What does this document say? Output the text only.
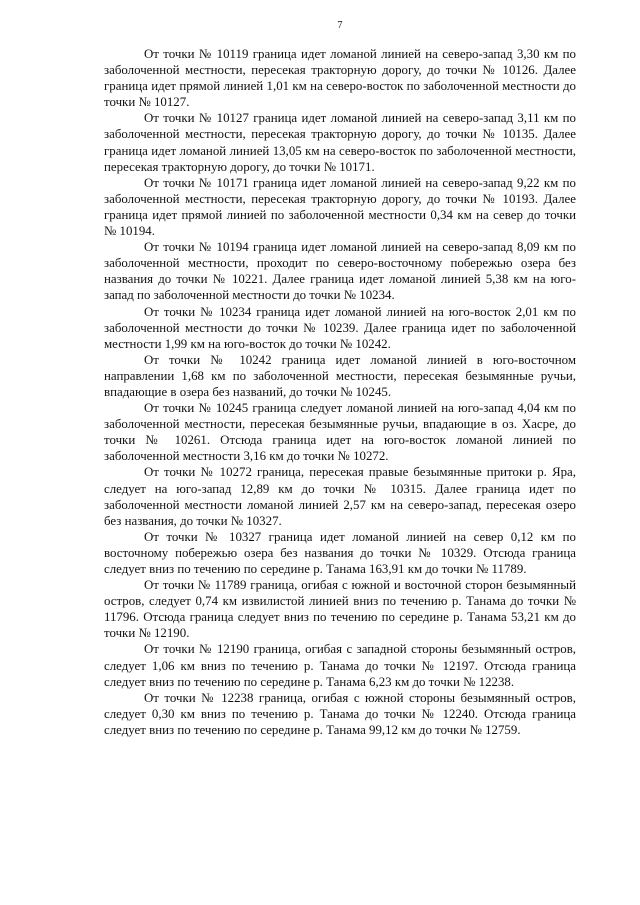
7

От точки № 10119 граница идет ломаной линией на северо-запад 3,30 км по заболоченной местности, пересекая тракторную дорогу, до точки № 10126. Далее граница идет прямой линией 1,01 км на северо-восток по заболоченной местности до точки № 10127.

От точки № 10127 граница идет ломаной линией на северо-запад 3,11 км по заболоченной местности, пересекая тракторную дорогу, до точки № 10135. Далее граница идет ломаной линией 13,05 км на северо-восток по заболоченной местности, пересекая тракторную дорогу, до точки № 10171.

От точки № 10171 граница идет ломаной линией на северо-запад 9,22 км по заболоченной местности, пересекая тракторную дорогу, до точки № 10193. Далее граница идет прямой линией по заболоченной местности 0,34 км на север до точки № 10194.

От точки № 10194 граница идет ломаной линией на северо-запад 8,09 км по заболоченной местности, проходит по северо-восточному побережью озера без названия до точки № 10221. Далее граница идет ломаной линией 5,38 км на юго-запад по заболоченной местности до точки № 10234.

От точки № 10234 граница идет ломаной линией на юго-восток 2,01 км по заболоченной местности до точки № 10239. Далее граница идет по заболоченной местности 1,99 км на юго-восток до точки № 10242.

От точки № 10242 граница идет ломаной линией в юго-восточном направлении 1,68 км по заболоченной местности, пересекая безымянные ручьи, впадающие в озера без названий, до точки № 10245.

От точки № 10245 граница следует ломаной линией на юго-запад 4,04 км по заболоченной местности, пересекая безымянные ручьи, впадающие в оз. Хасре, до точки № 10261. Отсюда граница идет на юго-восток ломаной линией по заболоченной местности 3,16 км до точки № 10272.

От точки № 10272 граница, пересекая правые безымянные притоки р. Яра, следует на юго-запад 12,89 км до точки № 10315. Далее граница идет по заболоченной местности ломаной линией 2,57 км на северо-запад, пересекая озеро без названия, до точки № 10327.

От точки № 10327 граница идет ломаной линией на север 0,12 км по восточному побережью озера без названия до точки № 10329. Отсюда граница следует вниз по течению по середине р. Танама 163,91 км до точки № 11789.

От точки № 11789 граница, огибая с южной и восточной сторон безымянный остров, следует 0,74 км извилистой линией вниз по течению р. Танама до точки № 11796. Отсюда граница следует вниз по течению по середине р. Танама 53,21 км до точки № 12190.

От точки № 12190 граница, огибая с западной стороны безымянный остров, следует 1,06 км вниз по течению р. Танама до точки № 12197. Отсюда граница следует вниз по течению по середине р. Танама 6,23 км до точки № 12238.

От точки № 12238 граница, огибая с южной стороны безымянный остров, следует 0,30 км вниз по течению р. Танама до точки № 12240. Отсюда граница следует вниз по течению по середине р. Танама 99,12 км до точки № 12759.
